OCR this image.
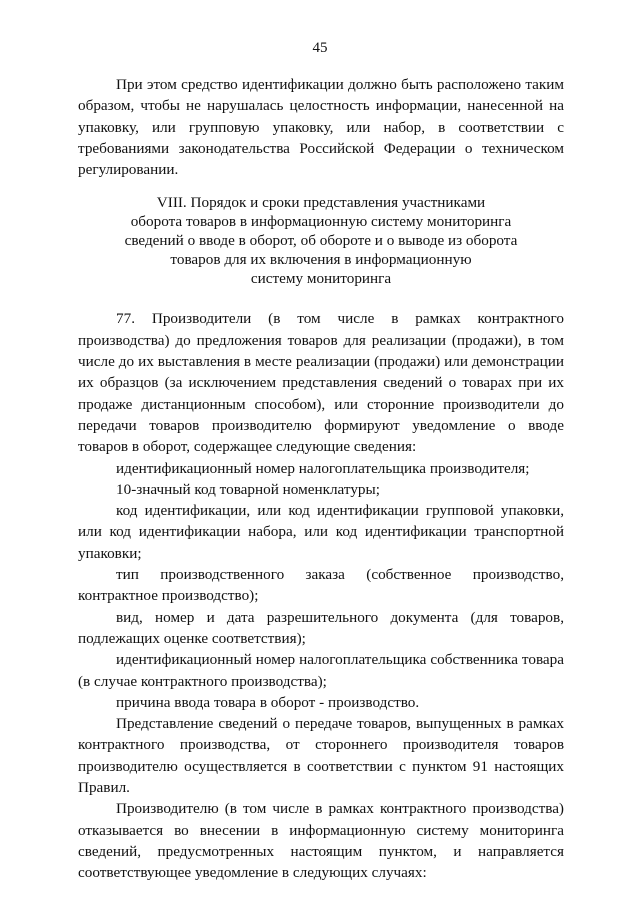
45

При этом средство идентификации должно быть расположено таким образом, чтобы не нарушалась целостность информации, нанесенной на упаковку, или групповую упаковку, или набор, в соответствии с требованиями законодательства Российской Федерации о техническом регулировании.

VIII. Порядок и сроки представления участниками
оборота товаров в информационную систему мониторинга
сведений о вводе в оборот, об обороте и о выводе из оборота
товаров для их включения в информационную
систему мониторинга

77. Производители (в том числе в рамках контрактного производства) до предложения товаров для реализации (продажи), в том числе до их выставления в месте реализации (продажи) или демонстрации их образцов (за исключением представления сведений о товарах при их продаже дистанционным способом), или сторонние производители до передачи товаров производителю формируют уведомление о вводе товаров в оборот, содержащее следующие сведения:

идентификационный номер налогоплательщика производителя;

10-значный код товарной номенклатуры;

код идентификации, или код идентификации групповой упаковки, или код идентификации набора, или код идентификации транспортной упаковки;

тип производственного заказа (собственное производство, контрактное производство);

вид, номер и дата разрешительного документа (для товаров, подлежащих оценке соответствия);

идентификационный номер налогоплательщика собственника товара (в случае контрактного производства);

причина ввода товара в оборот - производство.

Представление сведений о передаче товаров, выпущенных в рамках контрактного производства, от стороннего производителя товаров производителю осуществляется в соответствии с пунктом 91 настоящих Правил.

Производителю (в том числе в рамках контрактного производства) отказывается во внесении в информационную систему мониторинга сведений, предусмотренных настоящим пунктом, и направляется соответствующее уведомление в следующих случаях:
